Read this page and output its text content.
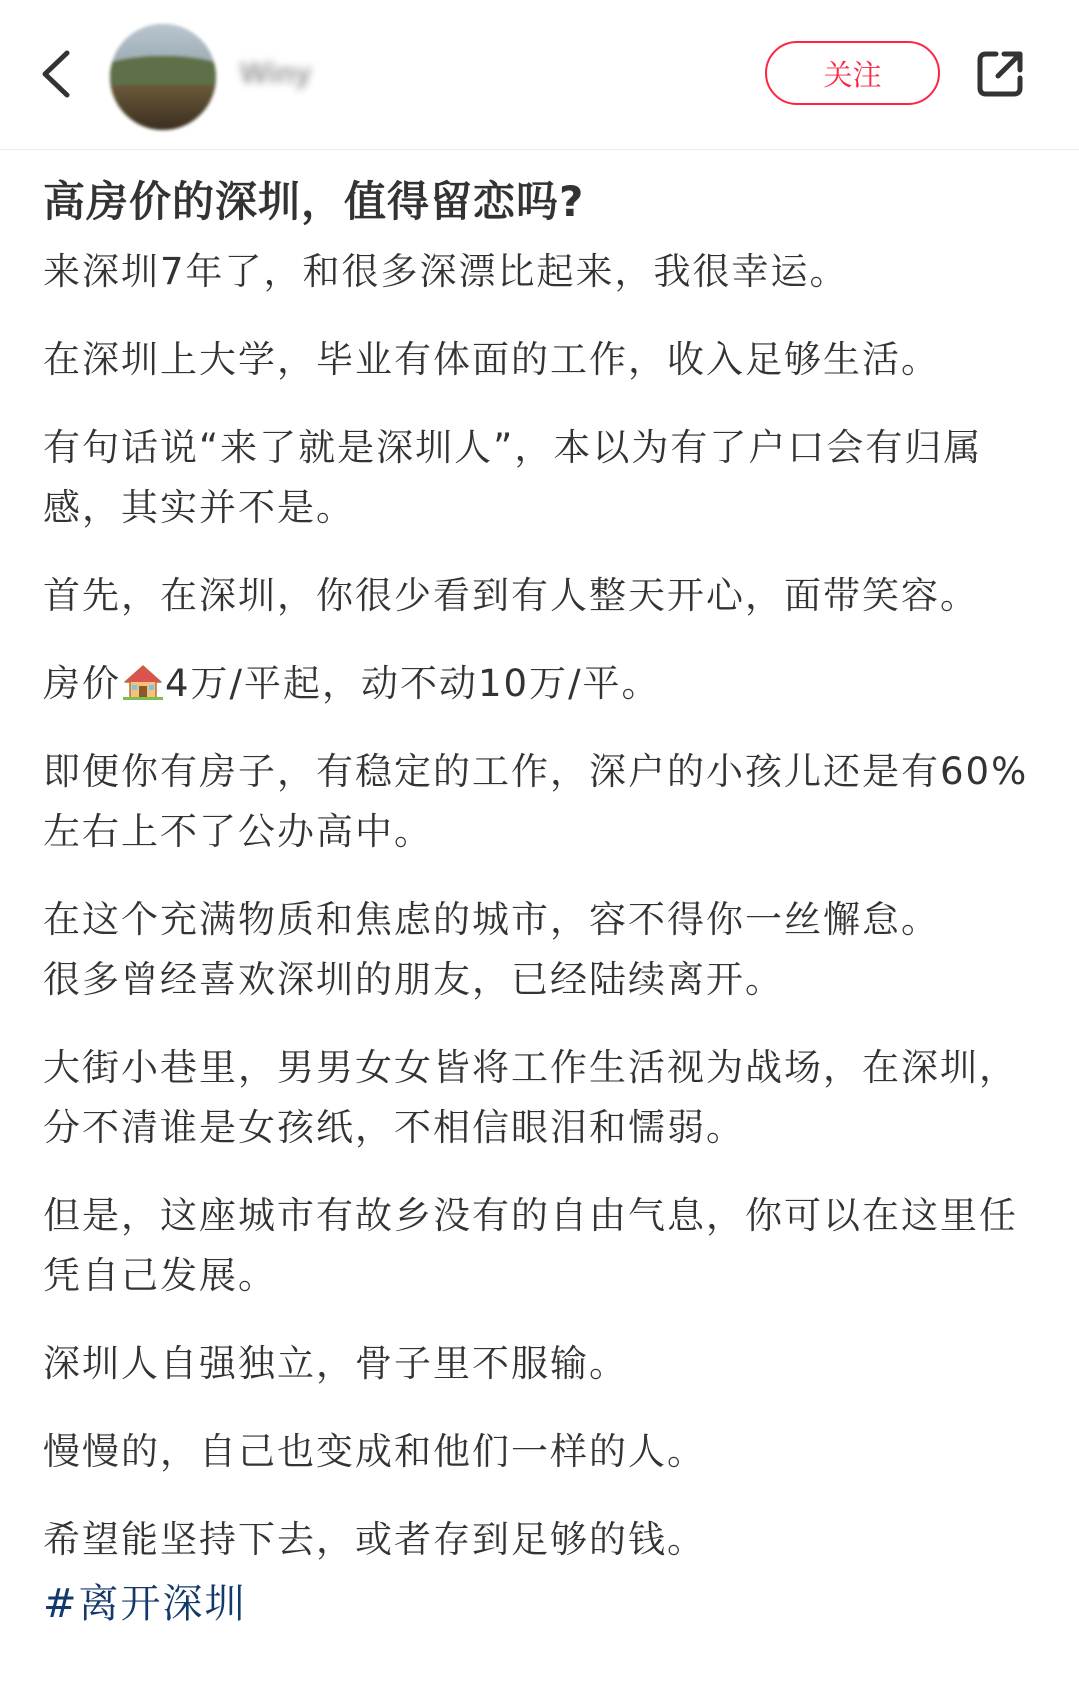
Winy	关注
高房价的深圳，值得留恋吗?
来深圳7年了，和很多深漂比起来，我很幸运。
在深圳上大学，毕业有体面的工作，收入足够生活。
有句话说“来了就是深圳人”，本以为有了户口会有归属感，其实并不是。
首先，在深圳，你很少看到有人整天开心，面带笑容。
房价 4万/平起，动不动10万/平。
即便你有房子，有稳定的工作，深户的小孩儿还是有60%左右上不了公办高中。
在这个充满物质和焦虑的城市，容不得你一丝懈怠。
很多曾经喜欢深圳的朋友，已经陆续离开。
大街小巷里，男男女女皆将工作生活视为战场，在深圳，分不清谁是女孩纸，不相信眼泪和懦弱。
但是，这座城市有故乡没有的自由气息，你可以在这里任凭自己发展。
深圳人自强独立，骨子里不服输。
慢慢的，自己也变成和他们一样的人。
希望能坚持下去，或者存到足够的钱。
#离开深圳
